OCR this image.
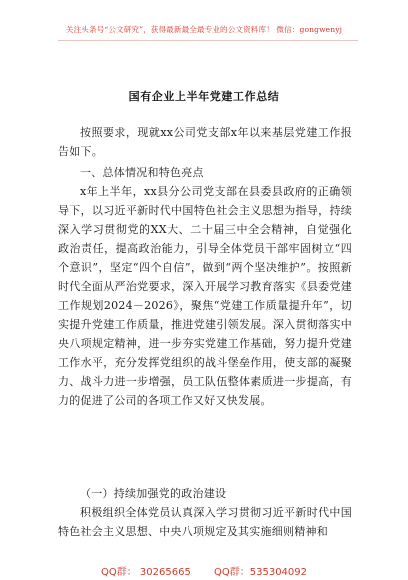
关注头条号“公文研究”，获得最新最全最专业的公文资料库！ 微信：gongwenyj
国有企业上半年党建工作总结

按照要求，现就xx公司党支部x年以来基层党建工作报告如下。

一、总体情况和特色亮点

x年上半年，xx县分公司党支部在县委县政府的正确领导下，以习近平新时代中国特色社会主义思想为指导，持续深入学习贯彻党的XX大、二十届三中全会精神，自觉强化政治责任，提高政治能力，引导全体党员干部牢固树立“四个意识”，坚定“四个自信”，做到“两个坚决维护”。按照新时代全面从严治党要求，深入开展学习教育落实《县委党建工作规划2024－2026》，聚焦“党建工作质量提升年”，切实提升党建工作质量，推进党建引领发展。深入贯彻落实中央八项规定精神，进一步夯实党建工作基础，努力提升党建工作水平，充分发挥党组织的战斗堡垒作用，使支部的凝聚力、战斗力进一步增强，员工队伍整体素质进一步提高，有力的促进了公司的各项工作又好又快发展。

（一）持续加强党的政治建设

积极组织全体党员认真深入学习贯彻习近平新时代中国特色社会主义思想、中央八项规定及其实施细则精神和

QQ群： 30265665 QQ群：535304092
